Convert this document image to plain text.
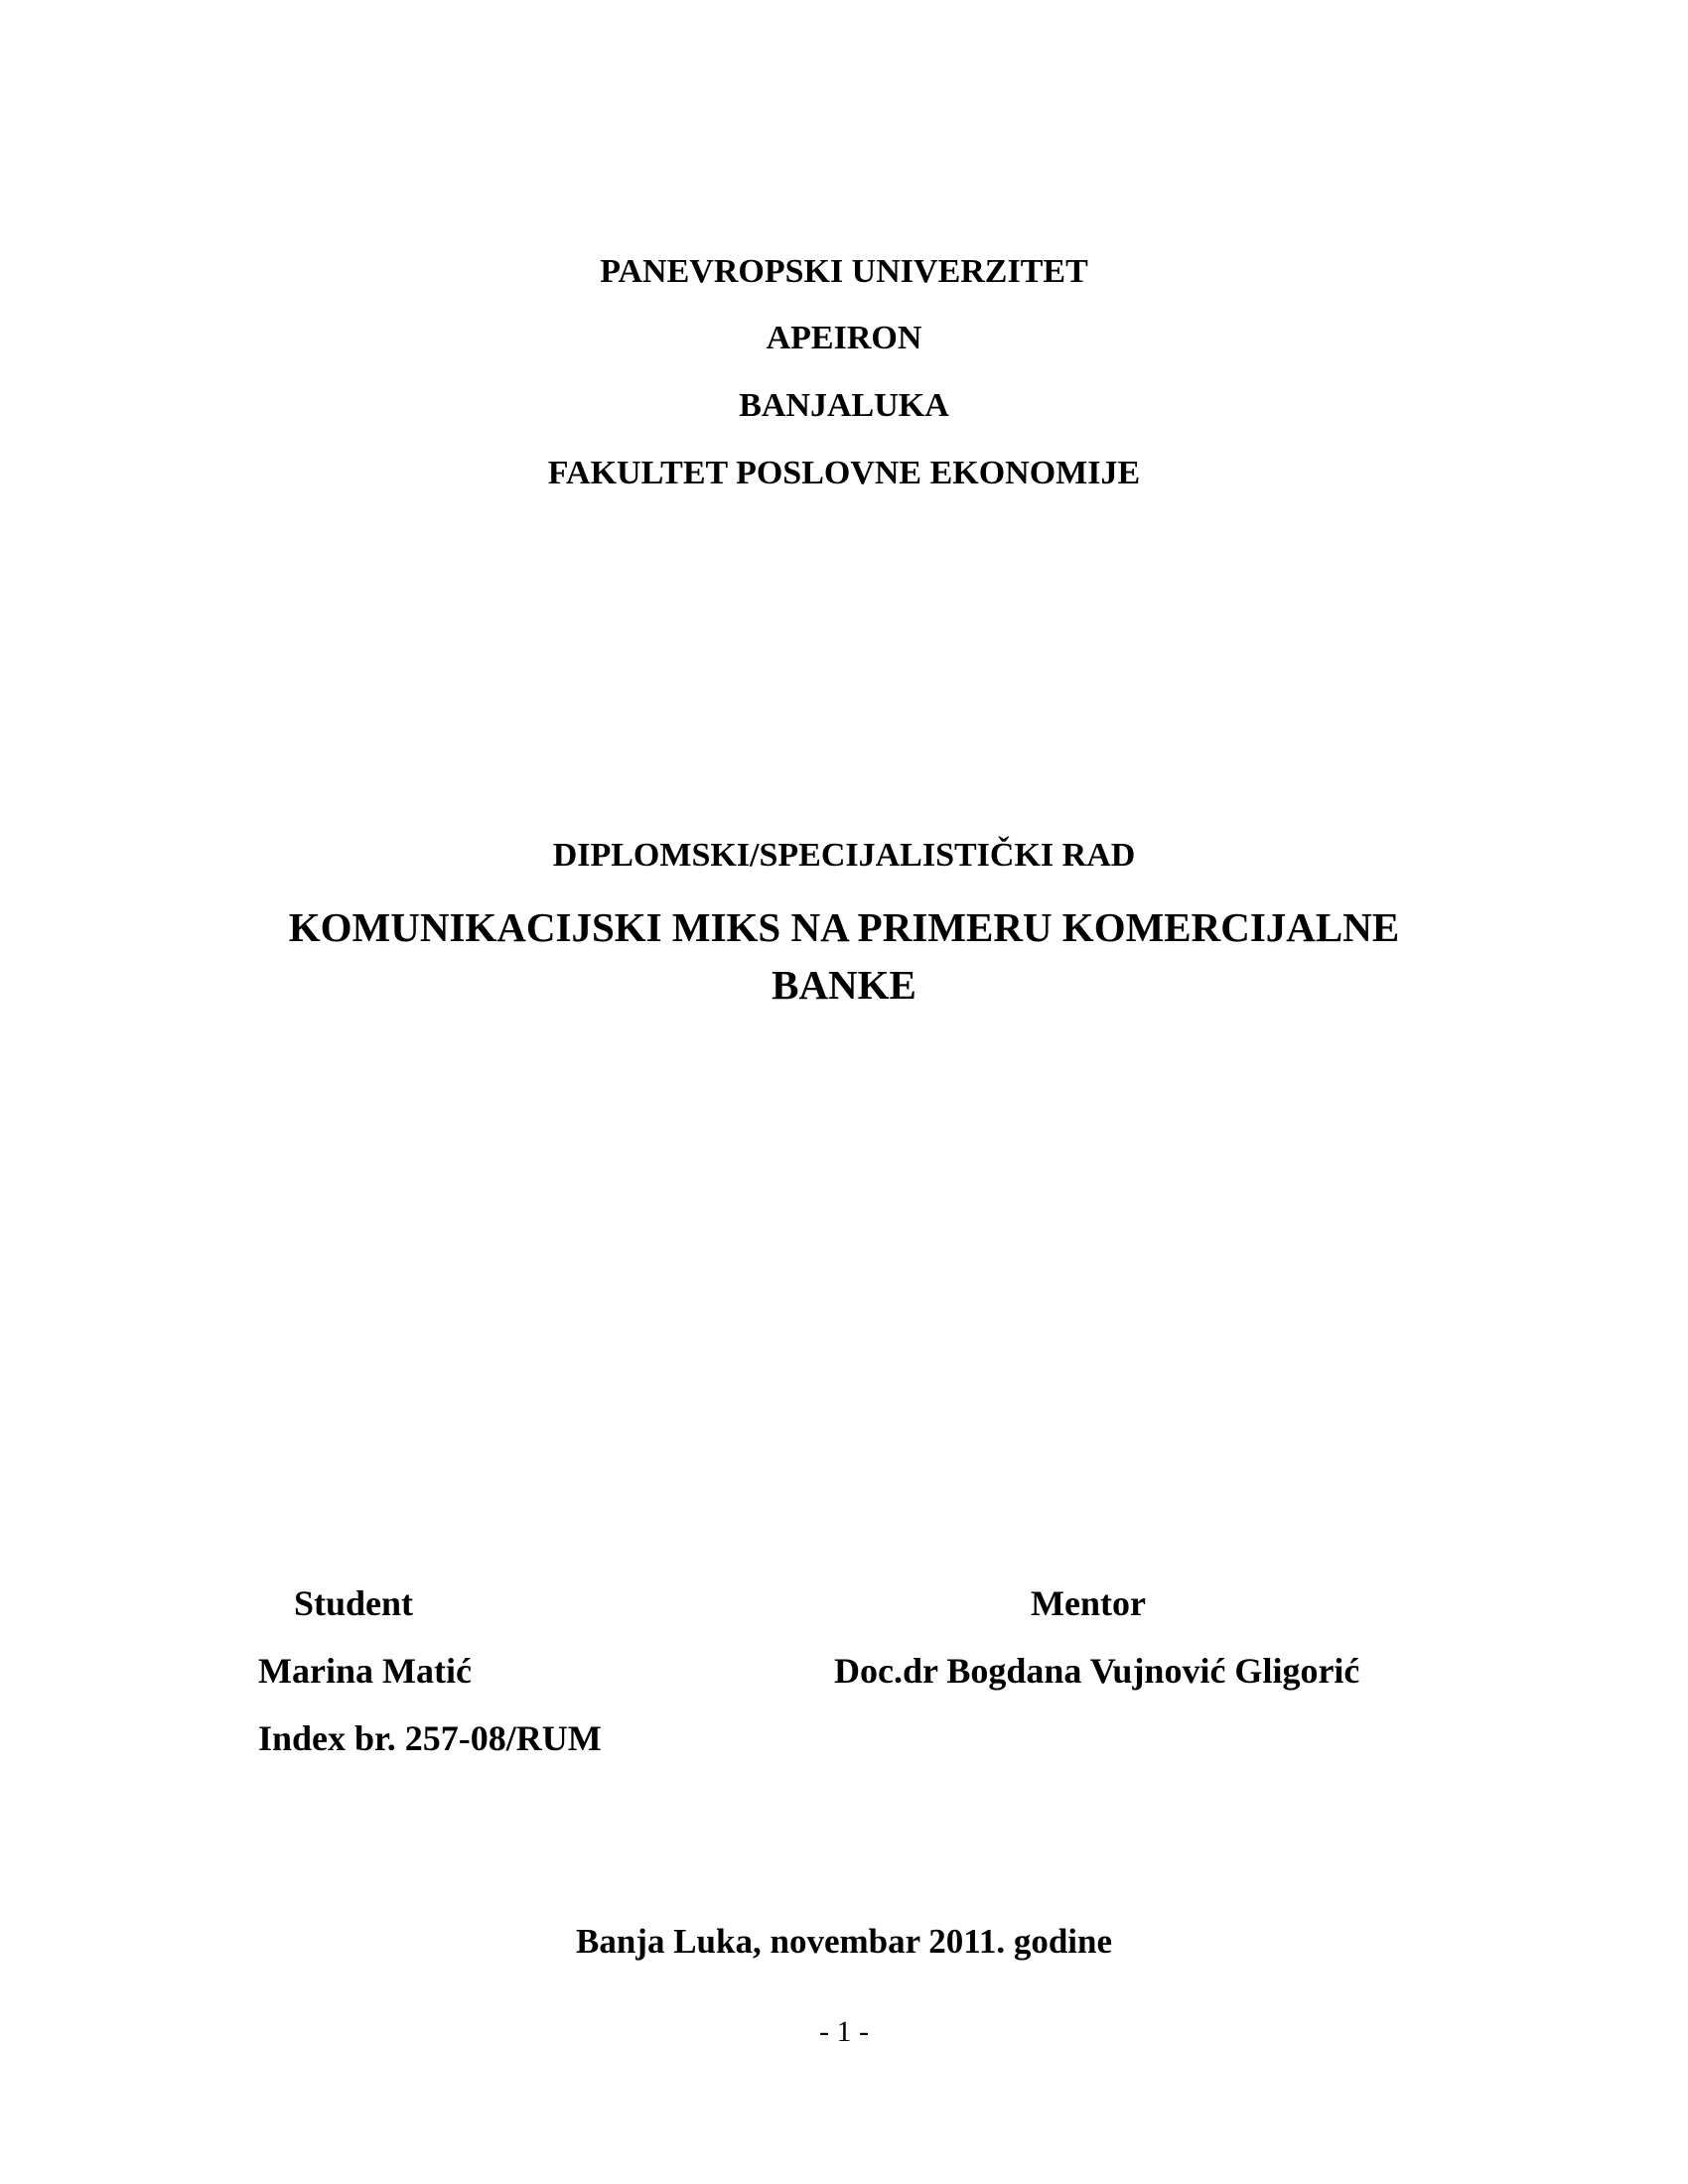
PANEVROPSKI UNIVERZITET
APEIRON
BANJALUKA
FAKULTET POSLOVNE EKONOMIJE
DIPLOMSKI/SPECIJALISTIČKI RAD
KOMUNIKACIJSKI MIKS NA PRIMERU KOMERCIJALNE
BANKE
Student	Mentor
Marina Matić	Doc.dr Bogdana Vujnović Gligorić
Index br. 257-08/RUM
Banja Luka, novembar 2011. godine
- 1 -
